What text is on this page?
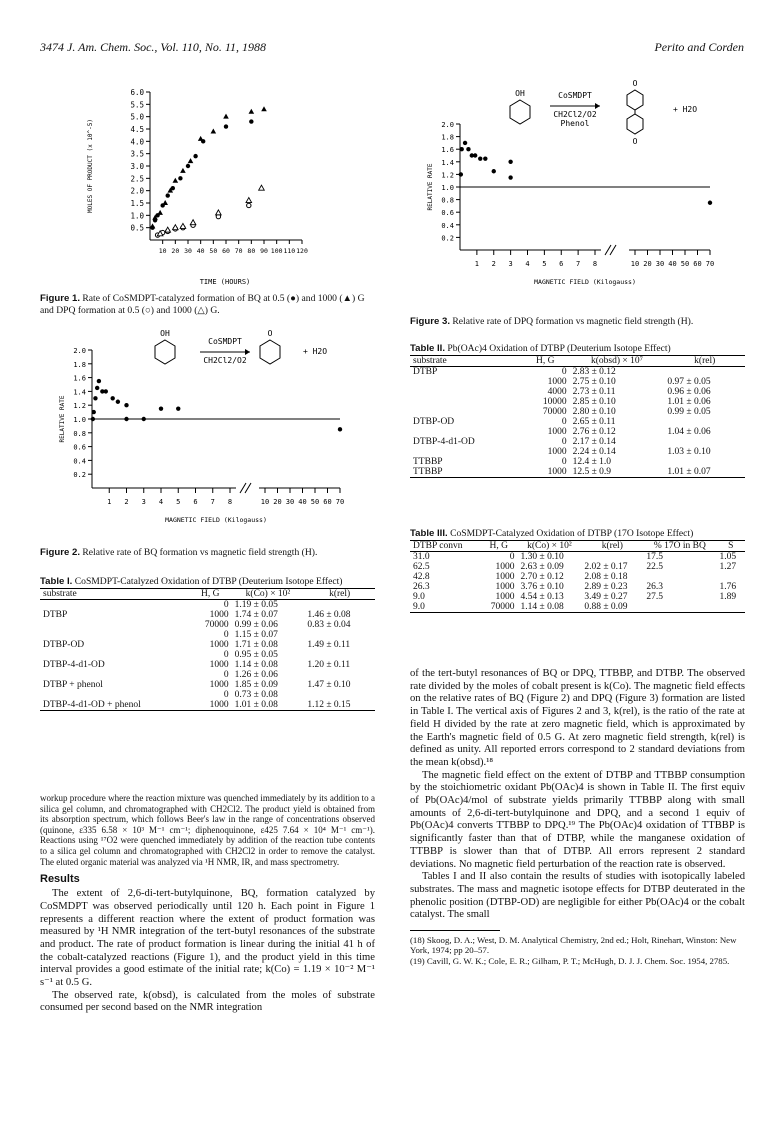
3474 J. Am. Chem. Soc., Vol. 110, No. 11, 1988	Perito and Corden
0.5
1.0
1.5
2.0
2.5
3.0
3.5
4.0
4.5
5.0
5.5
6.0
10 20 30 40 50 60 70 80 90 100 110 120
TIME (HOURS)
MOLES OF PRODUCT (x 10^-5)
Figure 1. Rate of CoSMDPT-catalyzed formation of BQ at 0.5 (●) and 1000 (▲) G and DPQ formation at 0.5 (○) and 1000 (△) G.
0.2
0.4
0.6
0.8
1.0
1.2
1.4
1.6
1.8
2.0
1 2 3 4 5 6 7 8	10 20 30 40 50 60 70
MAGNETIC FIELD (Kilogauss)
RELATIVE RATE
OH	O
CoSMDPT
CH2Cl2/O2
+ H2O
Figure 2. Relative rate of BQ formation vs magnetic field strength (H).
Table I. CoSMDPT-Catalyzed Oxidation of DTBP (Deuterium Isotope Effect)
substrate	H, G	k(Co) × 10²	k(rel)
	0	1.19 ± 0.05	
DTBP	1000	1.74 ± 0.07	1.46 ± 0.08
	70000	0.99 ± 0.06	0.83 ± 0.04
	0	1.15 ± 0.07	
DTBP-OD	1000	1.71 ± 0.08	1.49 ± 0.11
	0	0.95 ± 0.05	
DTBP-4-d1-OD	1000	1.14 ± 0.08	1.20 ± 0.11
	0	1.26 ± 0.06	
DTBP + phenol	1000	1.85 ± 0.09	1.47 ± 0.10
	0	0.73 ± 0.08	
DTBP-4-d1-OD + phenol	1000	1.01 ± 0.08	1.12 ± 0.15
workup procedure where the reaction mixture was quenched immediately by its addition to a silica gel column, and chromatographed with CH2Cl2. The product yield is obtained from its absorption spectrum, which follows Beer's law in the range of concentrations observed (quinone, ε335 6.58 × 10³ M⁻¹ cm⁻¹; diphenoquinone, ε425 7.64 × 10⁴ M⁻¹ cm⁻¹). Reactions using ¹⁷O2 were quenched immediately by addition of the reaction tube contents to a silica gel column and chromatographed with CH2Cl2 in order to remove the catalyst. The eluted organic material was analyzed via ¹H NMR, IR, and mass spectrometry.
Results
The extent of 2,6-di-tert-butylquinone, BQ, formation catalyzed by CoSMDPT was observed periodically until 120 h. Each point in Figure 1 represents a different reaction where the extent of product formation was measured by ¹H NMR integration of the tert-butyl resonances of the substrate and product. The rate of product formation is linear during the initial 41 h of the cobalt-catalyzed reactions (Figure 1), and the product yield in this time interval provides a good estimate of the initial rate; k(Co) = 1.19 × 10⁻² M⁻¹ s⁻¹ at 0.5 G.
The observed rate, k(obsd), is calculated from the moles of substrate consumed per second based on the NMR integration
0.2
0.4
0.6
0.8
1.0
1.2
1.4
1.6
1.8
2.0
1 2 3 4 5 6 7 8	10 20 30 40 50 60 70
MAGNETIC FIELD (Kilogauss)
RELATIVE RATE
OH
O
O
CoSMDPT
CH2Cl2/O2
Phenol
+ H2O
Figure 3. Relative rate of DPQ formation vs magnetic field strength (H).
Table II. Pb(OAc)4 Oxidation of DTBP (Deuterium Isotope Effect)
substrate	H, G	k(obsd) × 10⁷	k(rel)
DTBP	0	2.83 ± 0.12	
	1000	2.75 ± 0.10	0.97 ± 0.05
	4000	2.73 ± 0.11	0.96 ± 0.06
	10000	2.85 ± 0.10	1.01 ± 0.06
	70000	2.80 ± 0.10	0.99 ± 0.05
DTBP-OD	0	2.65 ± 0.11	
	1000	2.76 ± 0.12	1.04 ± 0.06
DTBP-4-d1-OD	0	2.17 ± 0.14	
	1000	2.24 ± 0.14	1.03 ± 0.10
TTBBP	0	12.4 ± 1.0	
TTBBP	1000	12.5 ± 0.9	1.01 ± 0.07
Table III. CoSMDPT-Catalyzed Oxidation of DTBP (17O Isotope Effect)
DTBP convn	H, G	k(Co) × 10²	k(rel)	% 17O in BQ	S
31.0	0	1.30 ± 0.10		17.5	1.05
62.5	1000	2.63 ± 0.09	2.02 ± 0.17	22.5	1.27
42.8	1000	2.70 ± 0.12	2.08 ± 0.18		
26.3	1000	3.76 ± 0.10	2.89 ± 0.23	26.3	1.76
9.0	1000	4.54 ± 0.13	3.49 ± 0.27	27.5	1.89
9.0	70000	1.14 ± 0.08	0.88 ± 0.09		
of the tert-butyl resonances of BQ or DPQ, TTBBP, and DTBP. The observed rate divided by the moles of cobalt present is k(Co). The magnetic field effects on the relative rates of BQ (Figure 2) and DPQ (Figure 3) formation are listed in Table I. The vertical axis of Figures 2 and 3, k(rel), is the ratio of the rate at field H divided by the rate at zero magnetic field, which is approximated by the Earth's magnetic field of 0.5 G. At zero magnetic field strength, k(rel) is defined as unity. All reported errors correspond to 2 standard deviations from the mean k(obsd).¹⁸
The magnetic field effect on the extent of DTBP and TTBBP consumption by the stoichiometric oxidant Pb(OAc)4 is shown in Table II. The first equiv of Pb(OAc)4/mol of substrate yields primarily TTBBP along with small amounts of 2,6-di-tert-butylquinone and DPQ, and a second 1 equiv of Pb(OAc)4 converts TTBBP to DPQ.¹⁹ The Pb(OAc)4 oxidation of TTBBP is significantly faster than that of DTBP, while the manganese oxidation of TTBBP is slower than that of DTBP. All errors represent 2 standard deviations. No magnetic field perturbation of the reaction rate is observed.
Tables I and II also contain the results of studies with isotopically labeled substrates. The mass and magnetic isotope effects for DTBP deuterated in the phenolic position (DTBP-OD) are negligible for either Pb(OAc)4 or the cobalt catalyst. The small
(18) Skoog, D. A.; West, D. M. Analytical Chemistry, 2nd ed.; Holt, Rinehart, Winston: New York, 1974; pp 20–57.
(19) Cavill, G. W. K.; Cole, E. R.; Gilham, P. T.; McHugh, D. J. J. Chem. Soc. 1954, 2785.
